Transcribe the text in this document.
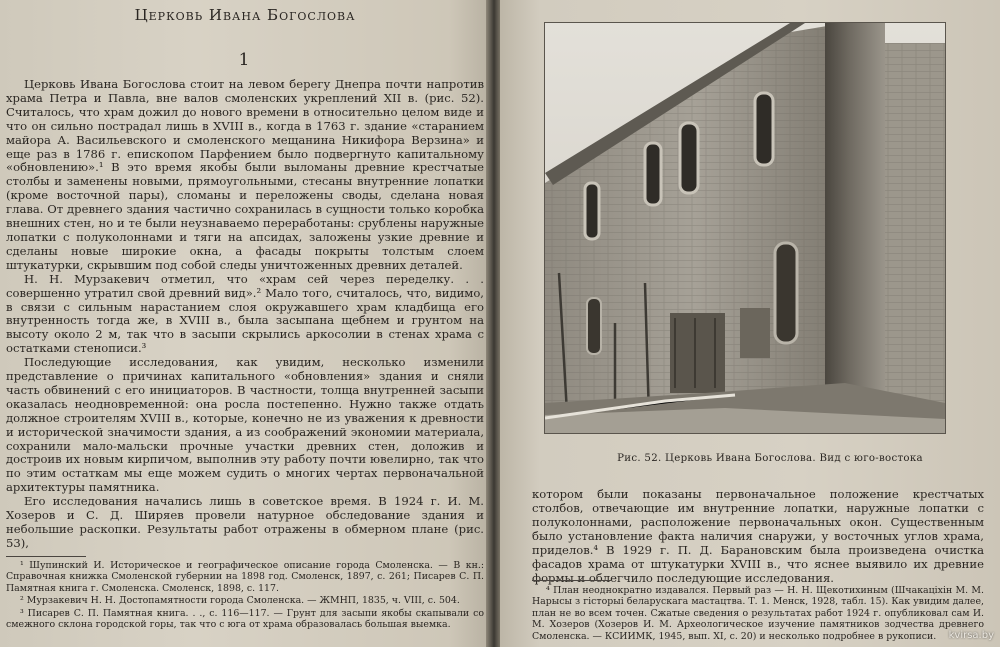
Церковь Ивана Богослова
1

Церковь Ивана Богослова стоит на левом берегу Днепра почти напротив храма Петра и Павла, вне валов смоленских укреплений XII в. (рис. 52). Считалось, что храм дожил до нового времени в относительно целом виде и что он сильно пострадал лишь в XVIII в., когда в 1763 г. здание «старанием майора А. Васильевского и смоленского мещанина Никифора Верзина» и еще раз в 1786 г. епископом Парфением было подвергнуто капитальному «обновлению».¹ В это время якобы были выломаны древние крестчатые столбы и заменены новыми, прямоугольными, стесаны внутренние лопатки (кроме восточной пары), сломаны и переложены своды, сделана новая глава. От древнего здания частично сохранилась в сущности только коробка внешних стен, но и те были неузнаваемо переработаны: срублены наружные лопатки с полуколоннами и тяги на апсидах, заложены узкие древние и сделаны новые широкие окна, а фасады покрыты толстым слоем штукатурки, скрывшим под собой следы уничтоженных древних деталей.

Н. Н. Мурзакевич отметил, что «храм сей через переделку. . . совершенно утратил свой древний вид».² Мало того, считалось, что, видимо, в связи с сильным нарастанием слоя окружавшего храм кладбища его внутренность тогда же, в XVIII в., была засыпана щебнем и грунтом на высоту около 2 м, так что в засыпи скрылись аркосолии в стенах храма с остатками стенописи.³

Последующие исследования, как увидим, несколько изменили представление о причинах капитального «обновления» здания и сняли часть обвинений с его инициаторов. В частности, толща внутренней засыпи оказалась неодновременной: она росла постепенно. Нужно также отдать должное строителям XVIII в., которые, конечно не из уважения к древности и исторической значимости здания, а из соображений экономии материала, сохранили мало-мальски прочные участки древних стен, доложив и достроив их новым кирпичом, выполнив эту работу почти ювелирно, так что по этим остаткам мы еще можем судить о многих чертах первоначальной архитектуры памятника.

Его исследования начались лишь в советское время. В 1924 г. И. М. Хозеров и С. Д. Ширяев провели натурное обследование здания и небольшие раскопки. Результаты работ отражены в обмерном плане (рис. 53),

¹ Шупинский И. Историческое и географическое описание города Смоленска. — В кн.: Справочная книжка Смоленской губернии на 1898 год. Смоленск, 1897, с. 261; Писарев С. П. Памятная книга г. Смоленска. Смоленск, 1898, с. 117.

² Мурзакевич Н. Н. Достопамятности города Смоленска. — ЖМНП, 1835, ч. VIII, с. 504.

³ Писарев С. П. Памятная книга. . ., с. 116—117. — Грунт для засыпи якобы скапывали со смежного склона городской горы, так что с юга от храма образовалась большая выемка.

Рис. 52. Церковь Ивана Богослова. Вид с юго-востока

котором были показаны первоначальное положение крестчатых столбов, отвечающие им внутренние лопатки, наружные лопатки с полуколоннами, расположение первоначальных окон. Существенным было установление факта наличия снаружи, у восточных углов храма, приделов.⁴ В 1929 г. П. Д. Барановским была произведена очистка фасадов храма от штукатурки XVIII в., что яснее выявило их древние формы и облегчило последующие исследования.

⁴ План неоднократно издавался. Первый раз — Н. Н. Щекотихиным (Шчакацiхiн М. М. Нарысы з гiсторыi беларускага мастацтва. Т. 1. Менск, 1928, табл. 15). Как увидим далее, план не во всем точен. Сжатые сведения о результатах работ 1924 г. опубликовал сам И. М. Хозеров (Хозеров И. М. Археологическое изучение памятников зодчества древнего Смоленска. — КСИИМК, 1945, вып. XI, с. 20) и несколько подробнее в рукописи.	kvirsa.by
